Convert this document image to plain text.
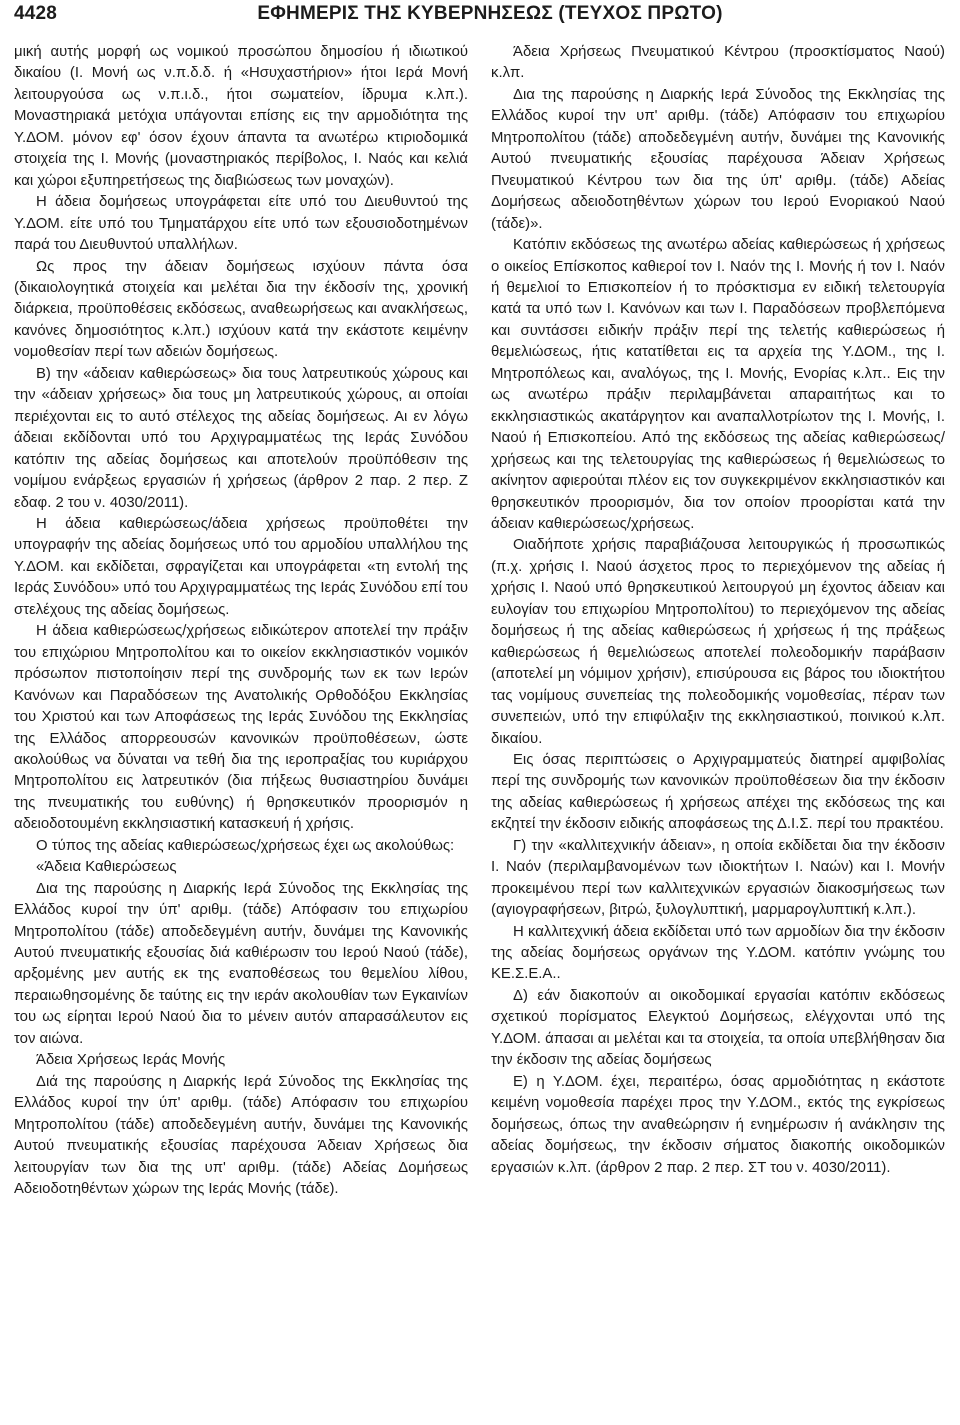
4428	ΕΦΗΜΕΡΙΣ ΤΗΣ ΚΥΒΕΡΝΗΣΕΩΣ (ΤΕΥΧΟΣ ΠΡΩΤΟ)

μική αυτής μορφή ως νομικού προσώπου δημοσίου ή ιδιωτικού δικαίου (Ι. Μονή ως ν.π.δ.δ. ή «Ησυχαστήριον» ήτοι Ιερά Μονή λειτουργούσα ως ν.π.ι.δ., ήτοι σωματείον, ίδρυμα κ.λπ.). Μοναστηριακά μετόχια υπάγονται επίσης εις την αρμοδιότητα της Υ.ΔΟΜ. μόνον εφ' όσον έχουν άπαντα τα ανωτέρω κτιριοδομικά στοιχεία της Ι. Μονής (μοναστηριακός περίβολος, Ι. Ναός και κελιά και χώροι εξυπηρετήσεως της διαβιώσεως των μοναχών).

Η άδεια δομήσεως υπογράφεται είτε υπό του Διευθυντού της Υ.ΔΟΜ. είτε υπό του Τμηματάρχου είτε υπό των εξουσιοδοτημένων παρά του Διευθυντού υπαλλήλων.

Ως προς την άδειαν δομήσεως ισχύουν πάντα όσα (δικαιολογητικά στοιχεία και μελέται δια την έκδοσίν της, χρονική διάρκεια, προϋποθέσεις εκδόσεως, αναθεωρήσεως και ανακλήσεως, κανόνες δημοσιότητος κ.λπ.) ισχύουν κατά την εκάστοτε κειμένην νομοθεσίαν περί των αδειών δομήσεως.

Β) την «άδειαν καθιερώσεως» δια τους λατρευτικούς χώρους και την «άδειαν χρήσεως» δια τους μη λατρευτικούς χώρους, αι οποίαι περιέχονται εις το αυτό στέλεχος της αδείας δομήσεως. Αι εν λόγω άδειαι εκδίδονται υπό του Αρχιγραμματέως της Ιεράς Συνόδου κατόπιν της αδείας δομήσεως και αποτελούν προϋπόθεσιν της νομίμου ενάρξεως εργασιών ή χρήσεως (άρθρον 2 παρ. 2 περ. Ζ εδαφ. 2 του ν. 4030/2011).

Η άδεια καθιερώσεως/άδεια χρήσεως προϋποθέτει την υπογραφήν της αδείας δομήσεως υπό του αρμοδίου υπαλλήλου της Υ.ΔΟΜ. και εκδίδεται, σφραγίζεται και υπογράφεται «τη εντολή της Ιεράς Συνόδου» υπό του Αρχιγραμματέως της Ιεράς Συνόδου επί του στελέχους της αδείας δομήσεως.

Η άδεια καθιερώσεως/χρήσεως ειδικώτερον αποτελεί την πράξιν του επιχώριου Μητροπολίτου και το οικείον εκκλησιαστικόν νομικόν πρόσωπον πιστοποίησιν περί της συνδρομής των εκ των Ιερών Κανόνων και Παραδόσεων της Ανατολικής Ορθοδόξου Εκκλησίας του Χριστού και των Αποφάσεως της Ιεράς Συνόδου της Εκκλησίας της Ελλάδος απορρεουσών κανονικών προϋποθέσεων, ώστε ακολούθως να δύναται να τεθή δια της ιεροπραξίας του κυριάρχου Μητροπολίτου εις λατρευτικόν (δια πήξεως θυσιαστηρίου δυνάμει της πνευματικής του ευθύνης) ή θρησκευτικόν προορισμόν η αδειοδοτουμένη εκκλησιαστική κατασκευή ή χρήσις.

Ο τύπος της αδείας καθιερώσεως/χρήσεως έχει ως ακολούθως:

«Άδεια Καθιερώσεως

Δια της παρούσης η Διαρκής Ιερά Σύνοδος της Εκκλησίας της Ελλάδος κυροί την ύπ' αριθμ. (τάδε) Απόφασιν του επιχωρίου Μητροπολίτου (τάδε) αποδεδεγμένη αυτήν, δυνάμει της Κανονικής Αυτού πνευματικής εξουσίας διά καθιέρωσιν του Ιερού Ναού (τάδε), αρξομένης μεν αυτής εκ της εναποθέσεως του θεμελίου λίθου, περαιωθησομένης δε ταύτης εις την ιεράν ακολουθίαν των Εγκαινίων του ως είρηται Ιερού Ναού δια το μένειν αυτόν απαρασάλευτον εις τον αιώνα.

Άδεια Χρήσεως Ιεράς Μονής

Διά της παρούσης η Διαρκής Ιερά Σύνοδος της Εκκλησίας της Ελλάδος κυροί την ύπ' αριθμ. (τάδε) Απόφασιν του επιχωρίου Μητροπολίτου (τάδε) αποδεδεγμένη αυτήν, δυνάμει της Κανονικής Αυτού πνευματικής εξουσίας παρέχουσα Άδειαν Χρήσεως δια λειτουργίαν των δια της υπ' αριθμ. (τάδε) Αδείας Δομήσεως Αδειοδοτηθέντων χώρων της Ιεράς Μονής (τάδε).

Άδεια Χρήσεως Πνευματικού Κέντρου (προσκτίσματος Ναού) κ.λπ.

Δια της παρούσης η Διαρκής Ιερά Σύνοδος της Εκκλησίας της Ελλάδος κυροί την υπ' αριθμ. (τάδε) Απόφασιν του επιχωρίου Μητροπολίτου (τάδε) αποδεδεγμένη αυτήν, δυνάμει της Κανονικής Αυτού πνευματικής εξουσίας παρέχουσα Άδειαν Χρήσεως Πνευματικού Κέντρου των δια της ύπ' αριθμ. (τάδε) Αδείας Δομήσεως αδειοδοτηθέντων χώρων του Ιερού Ενοριακού Ναού (τάδε)».

Κατόπιν εκδόσεως της ανωτέρω αδείας καθιερώσεως ή χρήσεως ο οικείος Επίσκοπος καθιερoί τον Ι. Ναόν της Ι. Μονής ή τον Ι. Ναόν ή θεμελιοί το Επισκοπείον ή το πρόσκτισμα εν ειδική τελετουργία κατά τα υπό των Ι. Κανόνων και των Ι. Παραδόσεων προβλεπόμενα και συντάσσει ειδικήν πράξιν περί της τελετής καθιερώσεως ή θεμελιώσεως, ήτις κατατίθεται εις τα αρχεία της Υ.ΔΟΜ., της Ι. Μητροπόλεως και, αναλόγως, της Ι. Μονής, Ενορίας κ.λπ.. Εις την ως ανωτέρω πράξιν περιλαμβάνεται απαραιτήτως και το εκκλησιαστικώς ακατάργητον και αναπαλλοτρίωτον της Ι. Μονής, Ι. Ναού ή Επισκοπείου. Από της εκδόσεως της αδείας καθιερώσεως/χρήσεως και της τελετουργίας της καθιερώσεως ή θεμελιώσεως το ακίνητον αφιερούται πλέον εις τον συγκεκριμένον εκκλησιαστικόν και θρησκευτικόν προορισμόν, δια τον οποίον προορίσται κατά την άδειαν καθιερώσεως/χρήσεως.

Οιαδήποτε χρήσις παραβιάζουσα λειτουργικώς ή προσωπικώς (π.χ. χρήσις Ι. Ναού άσχετος προς το περιεχόμενον της αδείας ή χρήσις Ι. Ναού υπό θρησκευτικού λειτουργού μη έχοντος άδειαν και ευλογίαν του επιχωρίου Μητροπολίτου) το περιεχόμενον της αδείας δομήσεως ή της αδείας καθιερώσεως ή χρήσεως ή της πράξεως καθιερώσεως ή θεμελιώσεως αποτελεί πολεοδομικήν παράβασιν (αποτελεί μη νόμιμον χρήσιν), επισύρουσα εις βάρος του ιδιοκτήτου τας νομίμους συνεπείας της πολεοδομικής νομοθεσίας, πέραν των συνεπειών, υπό την επιφύλαξιν της εκκλησιαστικού, ποινικού κ.λπ. δικαίου.

Εις όσας περιπτώσεις ο Αρχιγραμματεύς διατηρεί αμφιβολίας περί της συνδρομής των κανονικών προϋποθέσεων δια την έκδοσιν της αδείας καθιερώσεως ή χρήσεως απέχει της εκδόσεως της και εκζητεί την έκδοσιν ειδικής αποφάσεως της Δ.Ι.Σ. περί του πρακτέου.

Γ) την «καλλιτεχνικήν άδειαν», η οποία εκδίδεται δια την έκδοσιν Ι. Ναόν (περιλαμβανομένων των ιδιοκτήτων Ι. Ναών) και Ι. Μονήν προκειμένου περί των καλλιτεχνικών εργασιών διακοσμήσεως των (αγιογραφήσεων, βιτρώ, ξυλογλυπτική, μαρμαρογλυπτική κ.λπ.).

Η καλλιτεχνική άδεια εκδίδεται υπό των αρμοδίων δια την έκδοσιν της αδείας δομήσεως οργάνων της Υ.ΔΟΜ. κατόπιν γνώμης του ΚΕ.Σ.Ε.Α..

Δ) εάν διακοπούν αι οικοδομικαί εργασίαι κατόπιν εκδόσεως σχετικού πορίσματος Ελεγκτού Δομήσεως, ελέγχονται υπό της Υ.ΔΟΜ. άπασαι αι μελέται και τα στοιχεία, τα οποία υπεβλήθησαν δια την έκδοσιν της αδείας δομήσεως

Ε) η Υ.ΔΟΜ. έχει, περαιτέρω, όσας αρμοδιότητας η εκάστοτε κειμένη νομοθεσία παρέχει προς την Υ.ΔΟΜ., εκτός της εγκρίσεως δομήσεως, όπως την αναθεώρησιν ή ενημέρωσιν ή ανάκλησιν της αδείας δομήσεως, την έκδοσιν σήματος διακοπής οικοδομικών εργασιών κ.λπ. (άρθρον 2 παρ. 2 περ. ΣΤ του ν. 4030/2011).
